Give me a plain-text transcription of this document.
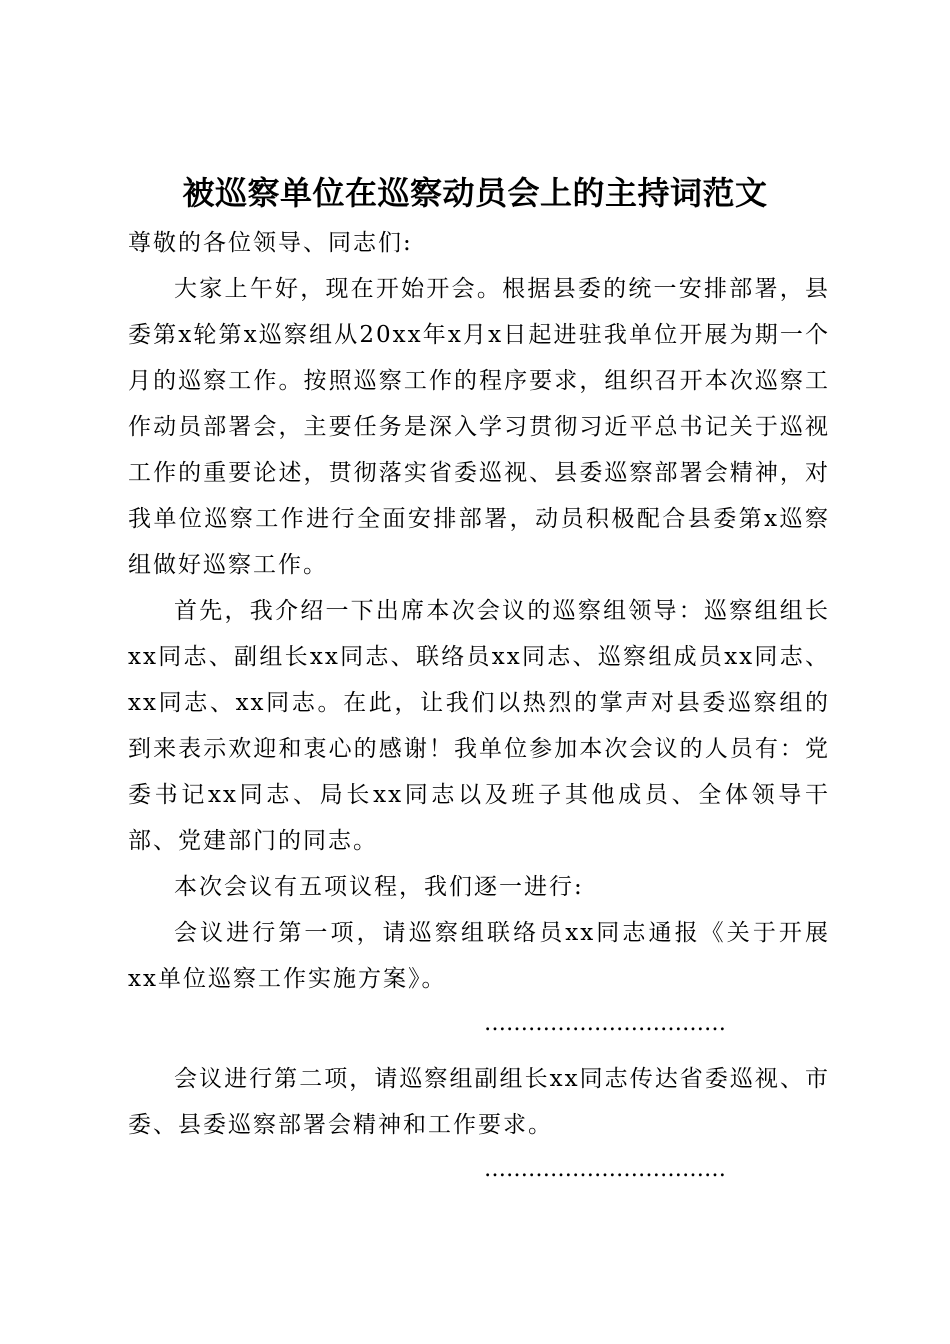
被巡察单位在巡察动员会上的主持词范文

尊敬的各位领导、同志们:

大家上午好，现在开始开会。根据县委的统一安排部署，县委第x轮第x巡察组从20xx年x月x日起进驻我单位开展为期一个月的巡察工作。按照巡察工作的程序要求，组织召开本次巡察工作动员部署会，主要任务是深入学习贯彻习近平总书记关于巡视工作的重要论述，贯彻落实省委巡视、县委巡察部署会精神，对我单位巡察工作进行全面安排部署，动员积极配合县委第x巡察组做好巡察工作。

首先，我介绍一下出席本次会议的巡察组领导：巡察组组长xx同志、副组长xx同志、联络员xx同志、巡察组成员xx同志、xx同志、xx同志。在此，让我们以热烈的掌声对县委巡察组的到来表示欢迎和衷心的感谢！我单位参加本次会议的人员有：党委书记xx同志、局长xx同志以及班子其他成员、全体领导干部、党建部门的同志。

本次会议有五项议程，我们逐一进行:

会议进行第一项，请巡察组联络员xx同志通报《关于开展xx单位巡察工作实施方案》。

……………………………

会议进行第二项，请巡察组副组长xx同志传达省委巡视、市委、县委巡察部署会精神和工作要求。

……………………………
